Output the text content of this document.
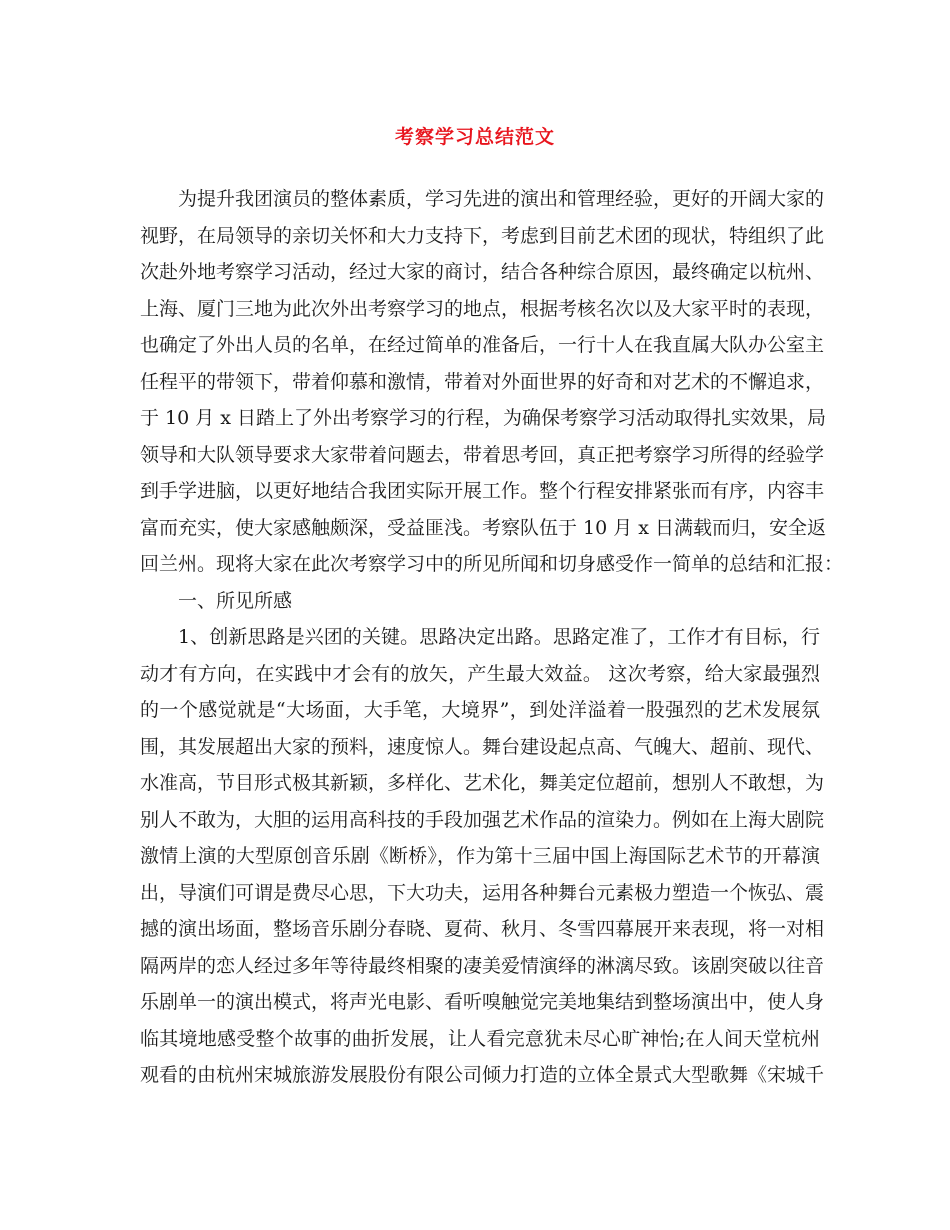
考察学习总结范文
为提升我团演员的整体素质，学习先进的演出和管理经验，更好的开阔大家的
视野，在局领导的亲切关怀和大力支持下，考虑到目前艺术团的现状，特组织了此
次赴外地考察学习活动，经过大家的商讨，结合各种综合原因，最终确定以杭州、
上海、厦门三地为此次外出考察学习的地点，根据考核名次以及大家平时的表现，
也确定了外出人员的名单，在经过简单的准备后，一行十人在我直属大队办公室主
任程平的带领下，带着仰慕和激情，带着对外面世界的好奇和对艺术的不懈追求，
于 10 月 x 日踏上了外出考察学习的行程，为确保考察学习活动取得扎实效果，局
领导和大队领导要求大家带着问题去，带着思考回，真正把考察学习所得的经验学
到手学进脑，以更好地结合我团实际开展工作。整个行程安排紧张而有序，内容丰
富而充实，使大家感触颇深，受益匪浅。考察队伍于 10 月 x 日满载而归，安全返
回兰州。现将大家在此次考察学习中的所见所闻和切身感受作一简单的总结和汇报：
一、所见所感
1、创新思路是兴团的关键。思路决定出路。思路定准了，工作才有目标，行
动才有方向，在实践中才会有的放矢，产生最大效益。 这次考察，给大家最强烈
的一个感觉就是“大场面，大手笔，大境界”，到处洋溢着一股强烈的艺术发展氛
围，其发展超出大家的预料，速度惊人。舞台建设起点高、气魄大、超前、现代、
水准高，节目形式极其新颖，多样化、艺术化，舞美定位超前，想别人不敢想，为
别人不敢为，大胆的运用高科技的手段加强艺术作品的渲染力。例如在上海大剧院
激情上演的大型原创音乐剧《断桥》，作为第十三届中国上海国际艺术节的开幕演
出，导演们可谓是费尽心思，下大功夫，运用各种舞台元素极力塑造一个恢弘、震
撼的演出场面，整场音乐剧分春晓、夏荷、秋月、冬雪四幕展开来表现，将一对相
隔两岸的恋人经过多年等待最终相聚的凄美爱情演绎的淋漓尽致。该剧突破以往音
乐剧单一的演出模式，将声光电影、看听嗅触觉完美地集结到整场演出中，使人身
临其境地感受整个故事的曲折发展，让人看完意犹未尽心旷神怡;在人间天堂杭州
观看的由杭州宋城旅游发展股份有限公司倾力打造的立体全景式大型歌舞《宋城千
